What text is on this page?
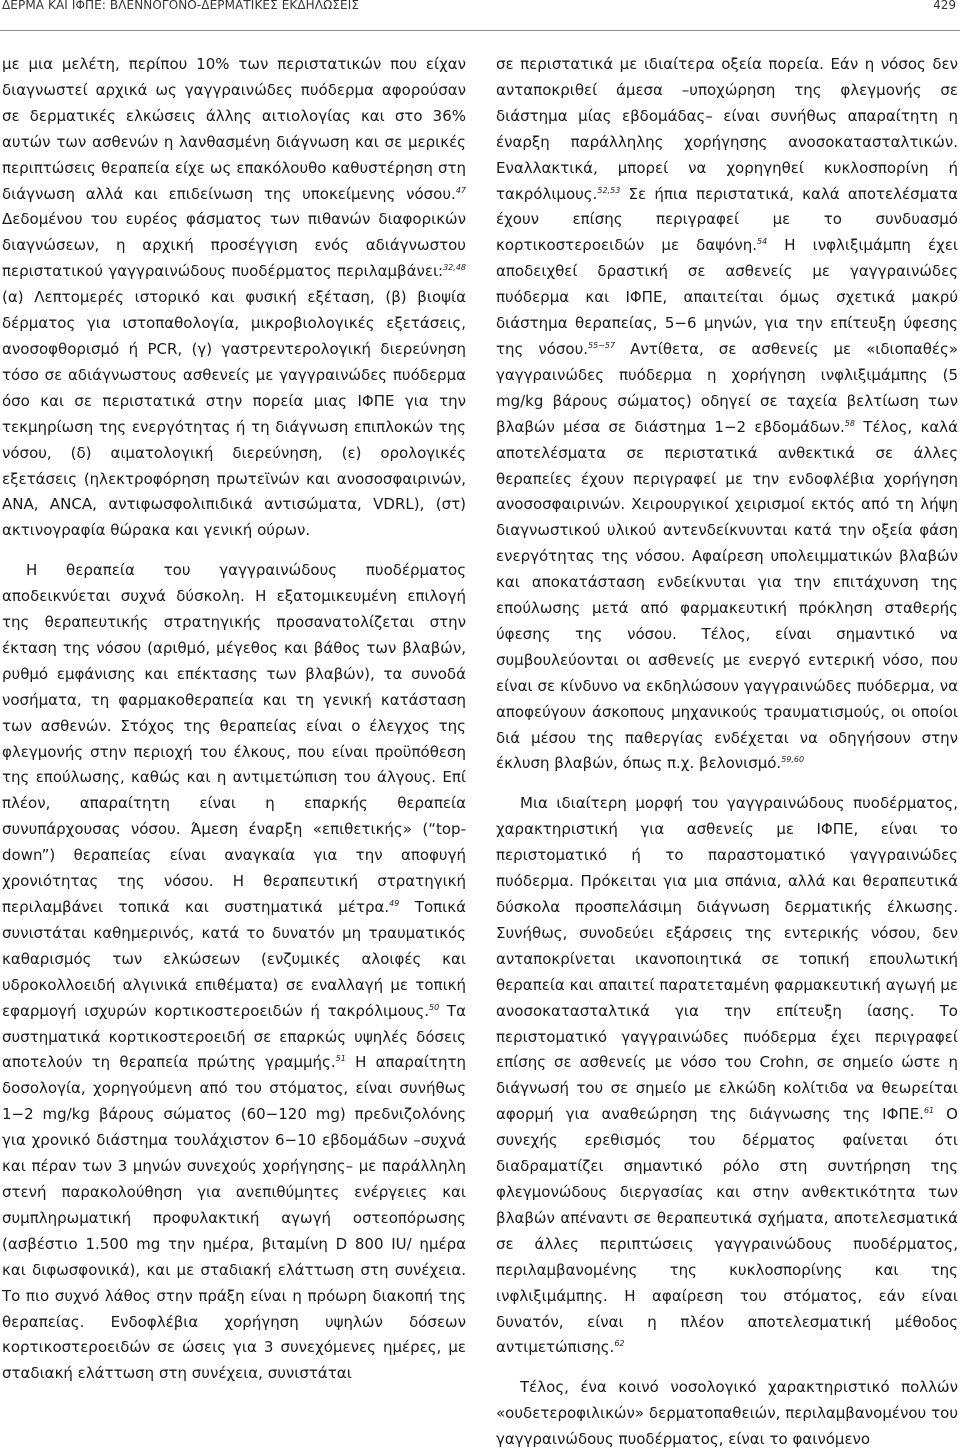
ΔΕΡΜΑ ΚΑΙ ΙΦΠΕ: ΒΛΕΝΝΟΓΟΝΟ-ΔΕΡΜΑΤΙΚΕΣ ΕΚΔΗΛΩΣΕΙΣ	429

με μια μελέτη, περίπου 10% των περιστατικών που είχαν διαγνωστεί αρχικά ως γαγγραινώδες πυόδερμα αφορούσαν σε δερματικές ελκώσεις άλλης αιτιολογίας και στο 36% αυτών των ασθενών η λανθασμένη διάγνωση και σε μερικές περιπτώσεις θεραπεία είχε ως επακόλουθο καθυστέρηση στη διάγνωση αλλά και επιδείνωση της υποκείμενης νόσου.$^{47}$ Δεδομένου του ευρέος φάσματος των πιθανών διαφορικών διαγνώσεων, η αρχική προσέγγιση ενός αδιάγνωστου περιστατικού γαγγραινώδους πυοδέρματος περιλαμβάνει:$^{32,48}$ (α) Λεπτομερές ιστορικό και φυσική εξέταση, (β) βιοψία δέρματος για ιστοπαθολογία, μικροβιολογικές εξετάσεις, ανοσοφθορισμό ή PCR, (γ) γαστρεντερολογική διερεύνηση τόσο σε αδιάγνωστους ασθενείς με γαγγραινώδες πυόδερμα όσο και σε περιστατικά στην πορεία μιας ΙΦΠΕ για την τεκμηρίωση της ενεργότητας ή τη διάγνωση επιπλοκών της νόσου, (δ) αιματολογική διερεύνηση, (ε) ορολογικές εξετάσεις (ηλεκτροφόρηση πρωτεϊνών και ανοσοσφαιρινών, ANA, ANCA, αντιφωσφολιπιδικά αντισώματα, VDRL), (στ) ακτινογραφία θώρακα και γενική ούρων.

Η θεραπεία του γαγγραινώδους πυοδέρματος αποδεικνύεται συχνά δύσκολη. Η εξατομικευμένη επιλογή της θεραπευτικής στρατηγικής προσανατολίζεται στην έκταση της νόσου (αριθμό, μέγεθος και βάθος των βλαβών, ρυθμό εμφάνισης και επέκτασης των βλαβών), τα συνοδά νοσήματα, τη φαρμακοθεραπεία και τη γενική κατάσταση των ασθενών. Στόχος της θεραπείας είναι ο έλεγχος της φλεγμονής στην περιοχή του έλκους, που είναι προϋπόθεση της επούλωσης, καθώς και η αντιμετώπιση του άλγους. Επί πλέον, απαραίτητη είναι η επαρκής θεραπεία συνυπάρχουσας νόσου. Άμεση έναρξη «επιθετικής» (“top-down”) θεραπείας είναι αναγκαία για την αποφυγή χρονιότητας της νόσου. Η θεραπευτική στρατηγική περιλαμβάνει τοπικά και συστηματικά μέτρα.$^{49}$ Τοπικά συνιστάται καθημερινός, κατά το δυνατόν μη τραυματικός καθαρισμός των ελκώσεων (ενζυμικές αλοιφές και υδροκολλοειδή αλγινικά επιθέματα) σε εναλλαγή με τοπική εφαρμογή ισχυρών κορτικοστεροειδών ή τακρόλιμους.$^{50}$ Τα συστηματικά κορτικοστεροειδή σε επαρκώς υψηλές δόσεις αποτελούν τη θεραπεία πρώτης γραμμής.$^{51}$ Η απαραίτητη δοσολογία, χορηγούμενη από του στόματος, είναι συνήθως 1−2 mg/kg βάρους σώματος (60−120 mg) πρεδνιζολόνης για χρονικό διάστημα τουλάχιστον 6−10 εβδομάδων –συχνά και πέραν των 3 μηνών συνεχούς χορήγησης– με παράλληλη στενή παρακολούθηση για ανεπιθύμητες ενέργειες και συμπληρωματική προφυλακτική αγωγή οστεοπόρωσης (ασβέστιο 1.500 mg την ημέρα, βιταμίνη D 800 IU/ ημέρα και διφωσφονικά), και με σταδιακή ελάττωση στη συνέχεια. Το πιο συχνό λάθος στην πράξη είναι η πρόωρη διακοπή της θεραπείας. Ενδοφλέβια χορήγηση υψηλών δόσεων κορτικοστεροειδών σε ώσεις για 3 συνεχόμενες ημέρες, με σταδιακή ελάττωση στη συνέχεια, συνιστάται

σε περιστατικά με ιδιαίτερα οξεία πορεία. Εάν η νόσος δεν ανταποκριθεί άμεσα –υποχώρηση της φλεγμονής σε διάστημα μίας εβδομάδας– είναι συνήθως απαραίτητη η έναρξη παράλληλης χορήγησης ανοσοκατασταλτικών. Εναλλακτικά, μπορεί να χορηγηθεί κυκλοσπορίνη ή τακρόλιμους.$^{52,53}$ Σε ήπια περιστατικά, καλά αποτελέσματα έχουν επίσης περιγραφεί με το συνδυασμό κορτικοστεροειδών με δαψόνη.$^{54}$ Η ινφλιξιμάμπη έχει αποδειχθεί δραστική σε ασθενείς με γαγγραινώδες πυόδερμα και ΙΦΠΕ, απαιτείται όμως σχετικά μακρύ διάστημα θεραπείας, 5−6 μηνών, για την επίτευξη ύφεσης της νόσου.$^{55-57}$ Αντίθετα, σε ασθενείς με «ιδιοπαθές» γαγγραινώδες πυόδερμα η χορήγηση ινφλιξιμάμπης (5 mg/kg βάρους σώματος) οδηγεί σε ταχεία βελτίωση των βλαβών μέσα σε διάστημα 1−2 εβδομάδων.$^{58}$ Τέλος, καλά αποτελέσματα σε περιστατικά ανθεκτικά σε άλλες θεραπείες έχουν περιγραφεί με την ενδοφλέβια χορήγηση ανοσοσφαιρινών. Χειρουργικοί χειρισμοί εκτός από τη λήψη διαγνωστικού υλικού αντενδείκνυνται κατά την οξεία φάση ενεργότητας της νόσου. Αφαίρεση υπολειμματικών βλαβών και αποκατάσταση ενδείκνυται για την επιτάχυνση της επούλωσης μετά από φαρμακευτική πρόκληση σταθερής ύφεσης της νόσου. Τέλος, είναι σημαντικό να συμβουλεύονται οι ασθενείς με ενεργό εντερική νόσο, που είναι σε κίνδυνο να εκδηλώσουν γαγγραινώδες πυόδερμα, να αποφεύγουν άσκοπους μηχανικούς τραυματισμούς, οι οποίοι διά μέσου της παθεργίας ενδέχεται να οδηγήσουν στην έκλυση βλαβών, όπως π.χ. βελονισμό.$^{59,60}$

Μια ιδιαίτερη μορφή του γαγγραινώδους πυοδέρματος, χαρακτηριστική για ασθενείς με ΙΦΠΕ, είναι το περιστοματικό ή το παραστοματικό γαγγραινώδες πυόδερμα. Πρόκειται για μια σπάνια, αλλά και θεραπευτικά δύσκολα προσπελάσιμη διάγνωση δερματικής έλκωσης. Συνήθως, συνοδεύει εξάρσεις της εντερικής νόσου, δεν ανταποκρίνεται ικανοποιητικά σε τοπική επουλωτική θεραπεία και απαιτεί παρατεταμένη φαρμακευτική αγωγή με ανοσοκατασταλτικά για την επίτευξη ίασης. Το περιστοματικό γαγγραινώδες πυόδερμα έχει περιγραφεί επίσης σε ασθενείς με νόσο του Crohn, σε σημείο ώστε η διάγνωσή του σε σημείο με ελκώδη κολίτιδα να θεωρείται αφορμή για αναθεώρηση της διάγνωσης της ΙΦΠΕ.$^{61}$ Ο συνεχής ερεθισμός του δέρματος φαίνεται ότι διαδραματίζει σημαντικό ρόλο στη συντήρηση της φλεγμονώδους διεργασίας και στην ανθεκτικότητα των βλαβών απέναντι σε θεραπευτικά σχήματα, αποτελεσματικά σε άλλες περιπτώσεις γαγγραινώδους πυοδέρματος, περιλαμβανομένης της κυκλοσπορίνης και της ινφλιξιμάμπης. Η αφαίρεση του στόματος, εάν είναι δυνατόν, είναι η πλέον αποτελεσματική μέθοδος αντιμετώπισης.$^{62}$

Τέλος, ένα κοινό νοσολογικό χαρακτηριστικό πολλών «ουδετεροφιλικών» δερματοπαθειών, περιλαμβανομένου του γαγγραινώδους πυοδέρματος, είναι το φαινόμενο
